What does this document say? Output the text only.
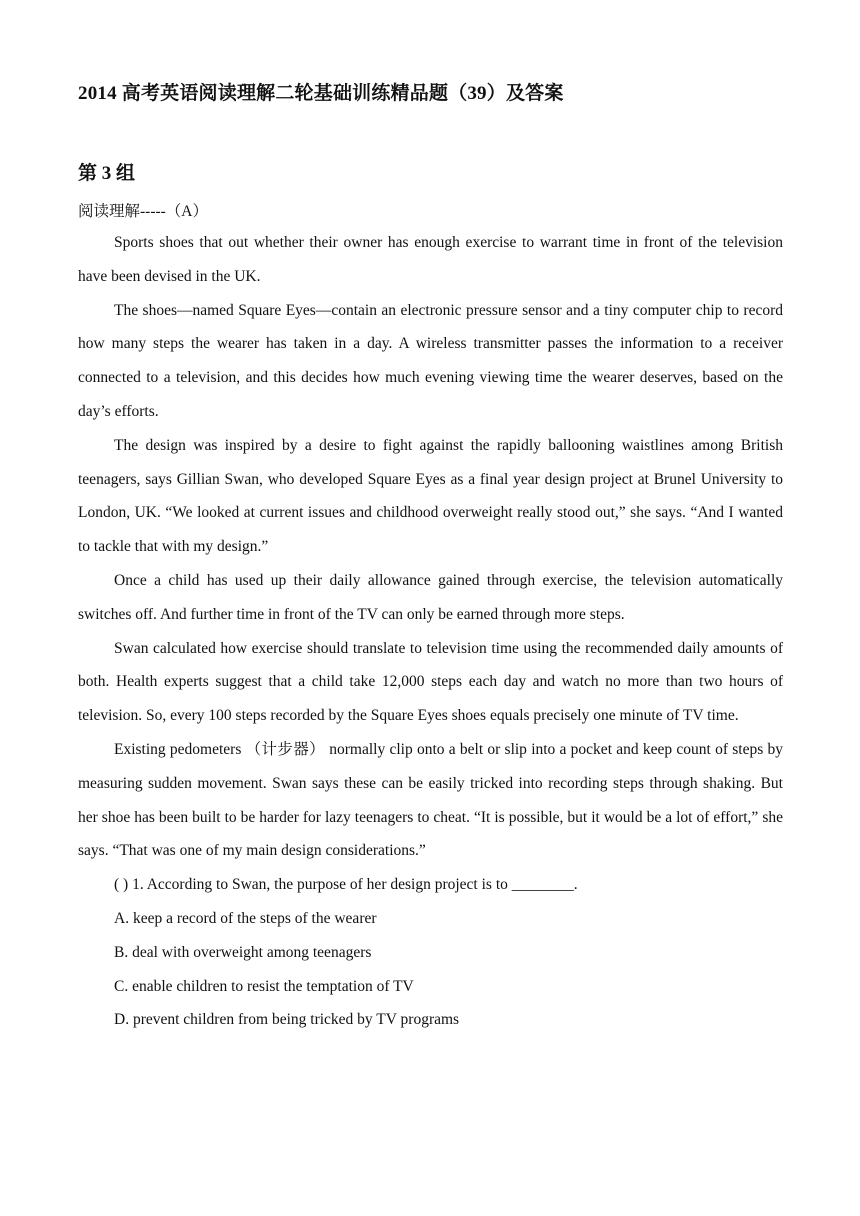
2014 高考英语阅读理解二轮基础训练精品题（39）及答案
第 3 组
阅读理解-----（A）

Sports shoes that out whether their owner has enough exercise to warrant time in front of the television have been devised in the UK.

The shoes—named Square Eyes—contain an electronic pressure sensor and a tiny computer chip to record how many steps the wearer has taken in a day. A wireless transmitter passes the information to a receiver connected to a television, and this decides how much evening viewing time the wearer deserves, based on the day’s efforts.

The design was inspired by a desire to fight against the rapidly ballooning waistlines among British teenagers, says Gillian Swan, who developed Square Eyes as a final year design project at Brunel University to London, UK. “We looked at current issues and childhood overweight really stood out,” she says. “And I wanted to tackle that with my design.”

Once a child has used up their daily allowance gained through exercise, the television automatically switches off. And further time in front of the TV can only be earned through more steps.

Swan calculated how exercise should translate to television time using the recommended daily amounts of both. Health experts suggest that a child take 12,000 steps each day and watch no more than two hours of television. So, every 100 steps recorded by the Square Eyes shoes equals precisely one minute of TV time.

Existing pedometers （计步器） normally clip onto a belt or slip into a pocket and keep count of steps by measuring sudden movement. Swan says these can be easily tricked into recording steps through shaking. But her shoe has been built to be harder for lazy teenagers to cheat. “It is possible, but it would be a lot of effort,” she says. “That was one of my main design considerations.”

( ) 1. According to Swan, the purpose of her design project is to ________.

A. keep a record of the steps of the wearer

B. deal with overweight among teenagers

C. enable children to resist the temptation of TV

D. prevent children from being tricked by TV programs
